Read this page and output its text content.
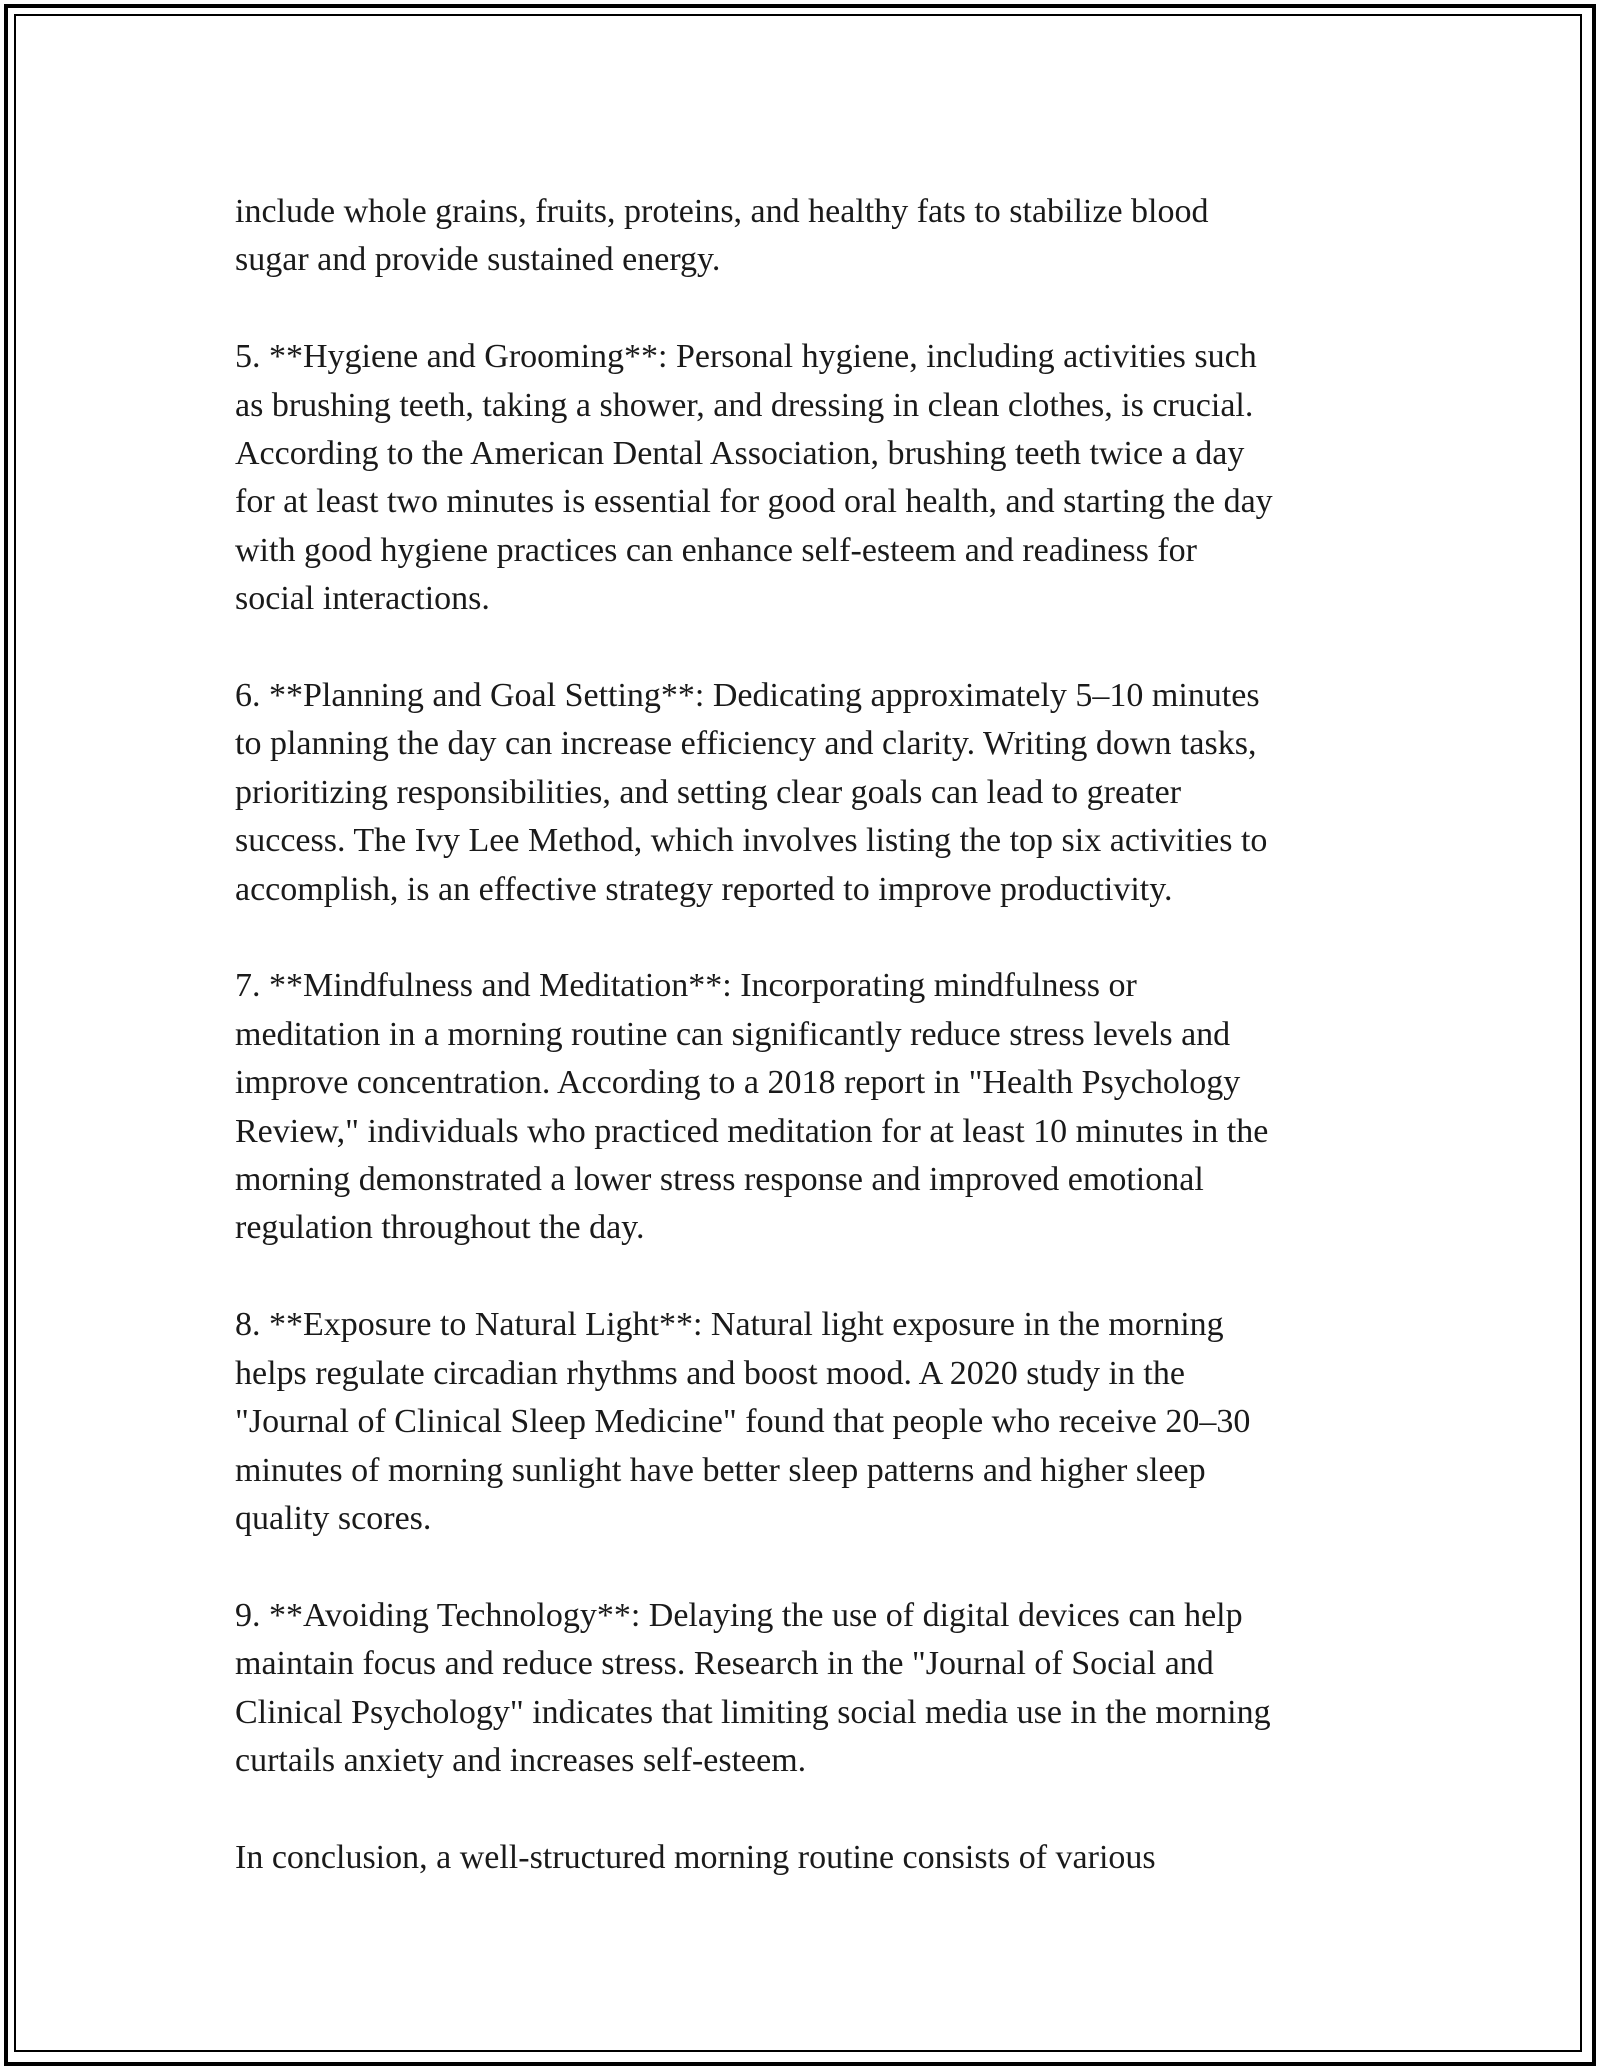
include whole grains, fruits, proteins, and healthy fats to stabilize blood
sugar and provide sustained energy.

5. **Hygiene and Grooming**: Personal hygiene, including activities such
as brushing teeth, taking a shower, and dressing in clean clothes, is crucial.
According to the American Dental Association, brushing teeth twice a day
for at least two minutes is essential for good oral health, and starting the day
with good hygiene practices can enhance self-esteem and readiness for
social interactions.

6. **Planning and Goal Setting**: Dedicating approximately 5–10 minutes
to planning the day can increase efficiency and clarity. Writing down tasks,
prioritizing responsibilities, and setting clear goals can lead to greater
success. The Ivy Lee Method, which involves listing the top six activities to
accomplish, is an effective strategy reported to improve productivity.

7. **Mindfulness and Meditation**: Incorporating mindfulness or
meditation in a morning routine can significantly reduce stress levels and
improve concentration. According to a 2018 report in "Health Psychology
Review," individuals who practiced meditation for at least 10 minutes in the
morning demonstrated a lower stress response and improved emotional
regulation throughout the day.

8. **Exposure to Natural Light**: Natural light exposure in the morning
helps regulate circadian rhythms and boost mood. A 2020 study in the
"Journal of Clinical Sleep Medicine" found that people who receive 20–30
minutes of morning sunlight have better sleep patterns and higher sleep
quality scores.

9. **Avoiding Technology**: Delaying the use of digital devices can help
maintain focus and reduce stress. Research in the "Journal of Social and
Clinical Psychology" indicates that limiting social media use in the morning
curtails anxiety and increases self-esteem.

In conclusion, a well-structured morning routine consists of various
